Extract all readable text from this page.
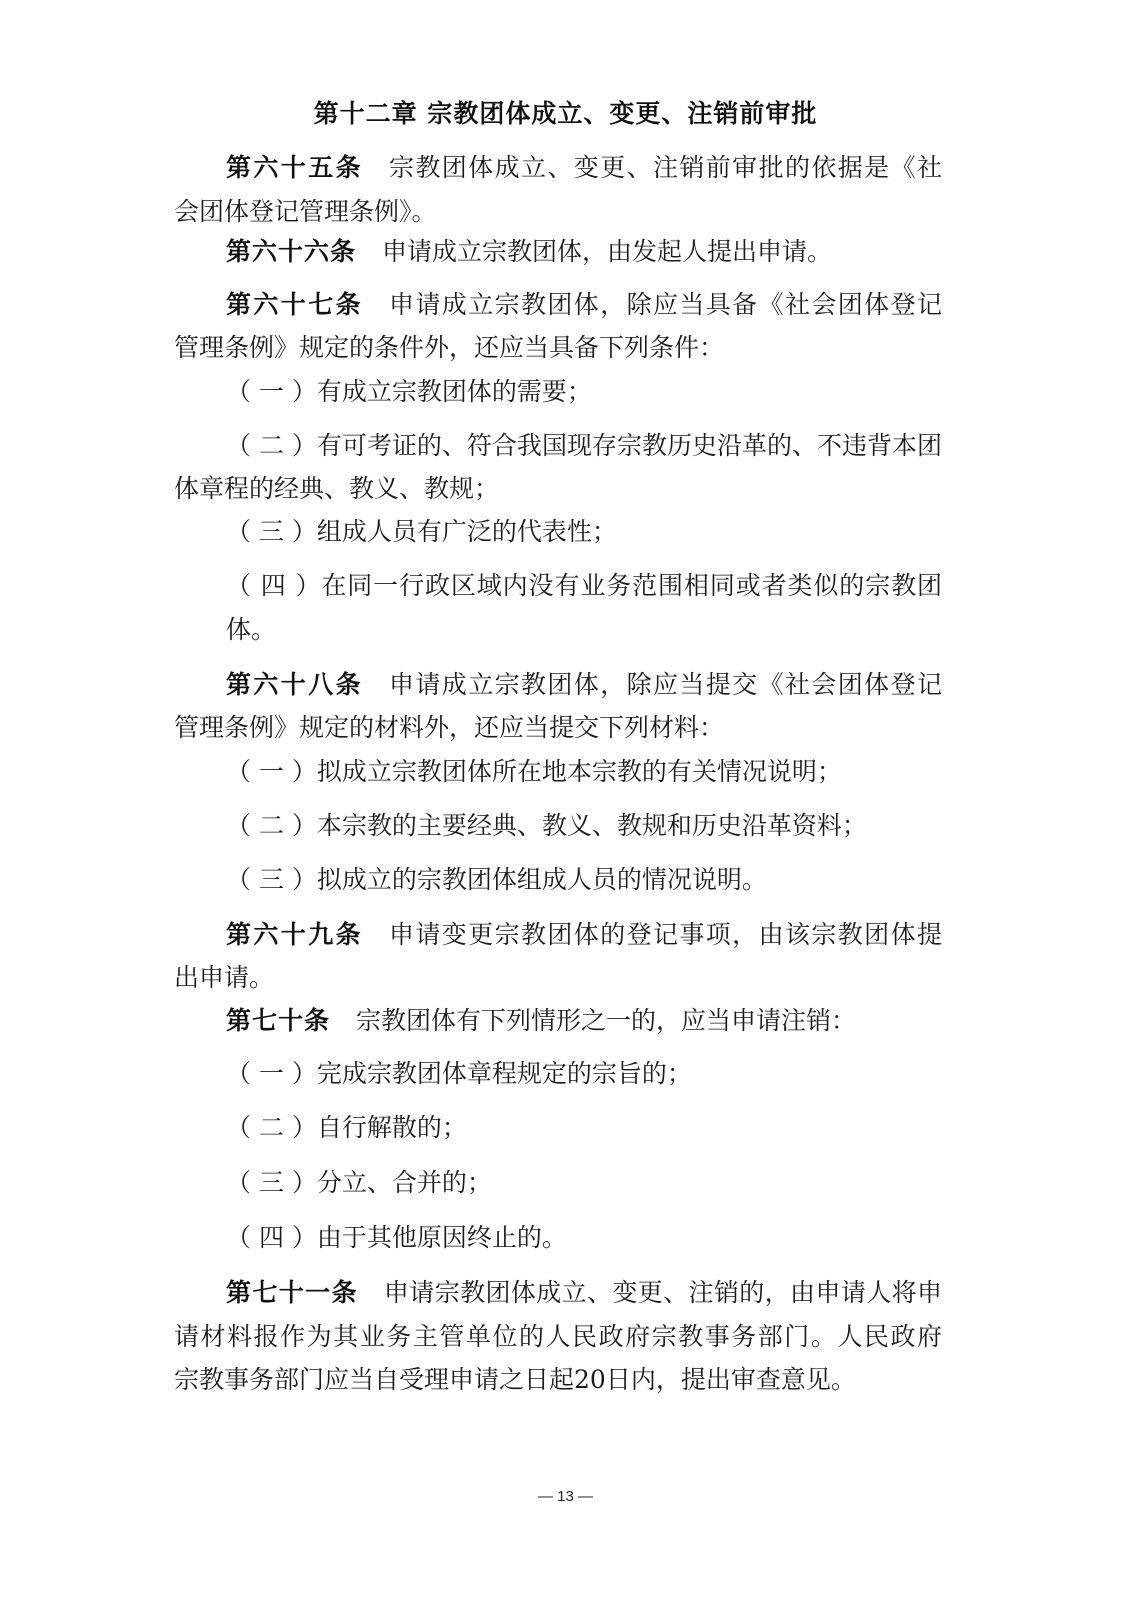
第十二章 宗教团体成立、变更、注销前审批
第六十五条 宗教团体成立、变更、注销前审批的依据是《社
会团体登记管理条例》。
第六十六条 申请成立宗教团体，由发起人提出申请。
第六十七条 申请成立宗教团体，除应当具备《社会团体登记
管理条例》规定的条件外，还应当具备下列条件：
（ 一 ）有成立宗教团体的需要；
（ 二 ）有可考证的、符合我国现存宗教历史沿革的、不违背本团
体章程的经典、教义、教规；
（ 三 ）组成人员有广泛的代表性；
（ 四 ）在同一行政区域内没有业务范围相同或者类似的宗教团
体。
第六十八条 申请成立宗教团体，除应当提交《社会团体登记
管理条例》规定的材料外，还应当提交下列材料：
（ 一 ）拟成立宗教团体所在地本宗教的有关情况说明；
（ 二 ）本宗教的主要经典、教义、教规和历史沿革资料；
（ 三 ）拟成立的宗教团体组成人员的情况说明。
第六十九条 申请变更宗教团体的登记事项，由该宗教团体提
出申请。
第七十条 宗教团体有下列情形之一的，应当申请注销：
（ 一 ）完成宗教团体章程规定的宗旨的；
（ 二 ）自行解散的；
（ 三 ）分立、合并的；
（ 四 ）由于其他原因终止的。
第七十一条 申请宗教团体成立、变更、注销的，由申请人将申
请材料报作为其业务主管单位的人民政府宗教事务部门。人民政府
宗教事务部门应当自受理申请之日起20日内，提出审查意见。
— 13 —
